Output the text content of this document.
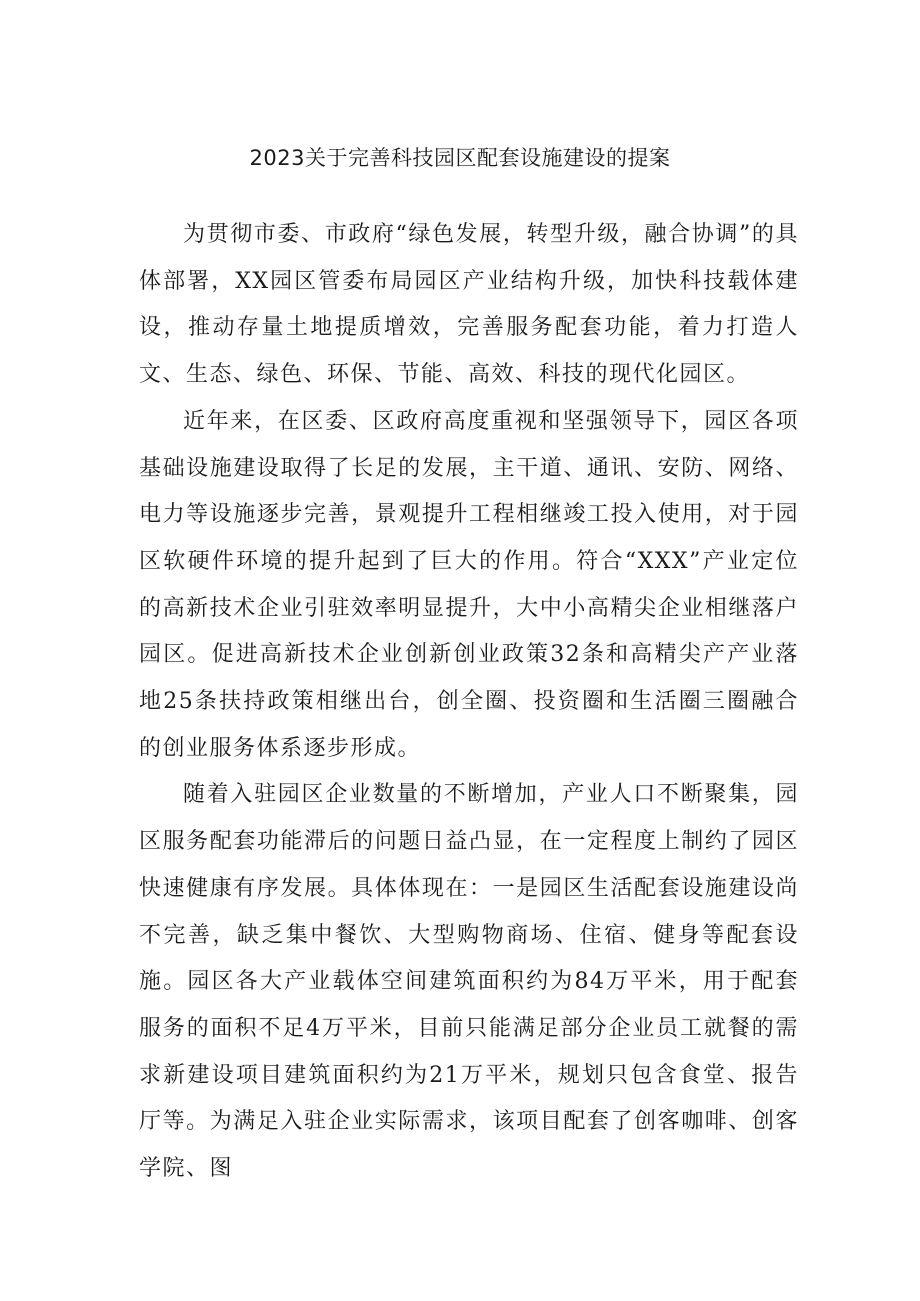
2023关于完善科技园区配套设施建设的提案

为贯彻市委、市政府“绿色发展，转型升级，融合协调”的具体部署，XX园区管委布局园区产业结构升级，加快科技载体建设，推动存量土地提质增效，完善服务配套功能，着力打造人文、生态、绿色、环保、节能、高效、科技的现代化园区。

近年来，在区委、区政府高度重视和坚强领导下，园区各项基础设施建设取得了长足的发展，主干道、通讯、安防、网络、电力等设施逐步完善，景观提升工程相继竣工投入使用，对于园区软硬件环境的提升起到了巨大的作用。符合“XXX”产业定位的高新技术企业引驻效率明显提升，大中小高精尖企业相继落户园区。促进高新技术企业创新创业政策32条和高精尖产产业落地25条扶持政策相继出台，创全圈、投资圈和生活圈三圈融合的创业服务体系逐步形成。

随着入驻园区企业数量的不断增加，产业人口不断聚集，园区服务配套功能滞后的问题日益凸显，在一定程度上制约了园区快速健康有序发展。具体体现在：一是园区生活配套设施建设尚不完善，缺乏集中餐饮、大型购物商场、住宿、健身等配套设施。园区各大产业载体空间建筑面积约为84万平米，用于配套服务的面积不足4万平米，目前只能满足部分企业员工就餐的需求新建设项目建筑面积约为21万平米，规划只包含食堂、报告厅等。为满足入驻企业实际需求，该项目配套了创客咖啡、创客学院、图
